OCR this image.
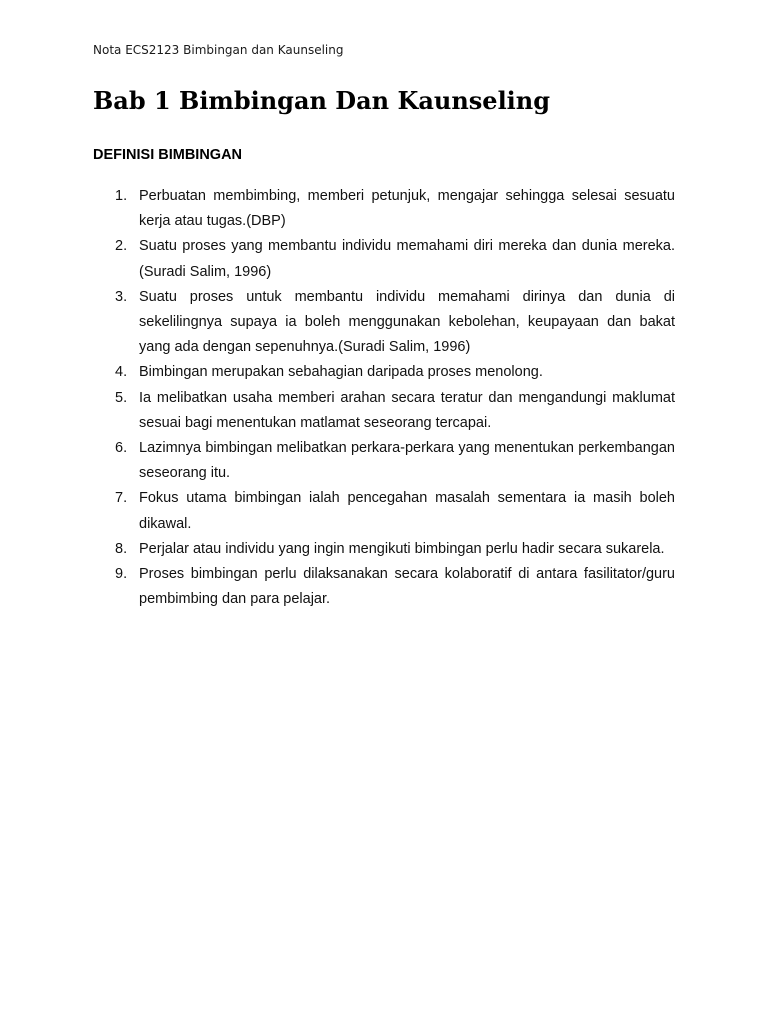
Nota ECS2123 Bimbingan dan Kaunseling
Bab 1 Bimbingan Dan Kaunseling
DEFINISI BIMBINGAN
1. Perbuatan membimbing, memberi petunjuk, mengajar sehingga selesai sesuatu kerja atau tugas.(DBP)
2. Suatu proses yang membantu individu memahami diri mereka dan dunia mereka. (Suradi Salim, 1996)
3. Suatu proses untuk membantu individu memahami dirinya dan dunia di sekelilingnya supaya ia boleh menggunakan kebolehan, keupayaan dan bakat yang ada dengan sepenuhnya.(Suradi Salim, 1996)
4. Bimbingan merupakan sebahagian daripada proses menolong.
5. Ia melibatkan usaha memberi arahan secara teratur dan mengandungi maklumat sesuai bagi menentukan matlamat seseorang tercapai.
6. Lazimnya bimbingan melibatkan perkara-perkara yang menentukan perkembangan seseorang itu.
7. Fokus utama bimbingan ialah pencegahan masalah sementara ia masih boleh dikawal.
8. Perjalar atau individu yang ingin mengikuti bimbingan perlu hadir secara sukarela.
9. Proses bimbingan perlu dilaksanakan secara kolaboratif di antara fasilitator/guru pembimbing dan para pelajar.
